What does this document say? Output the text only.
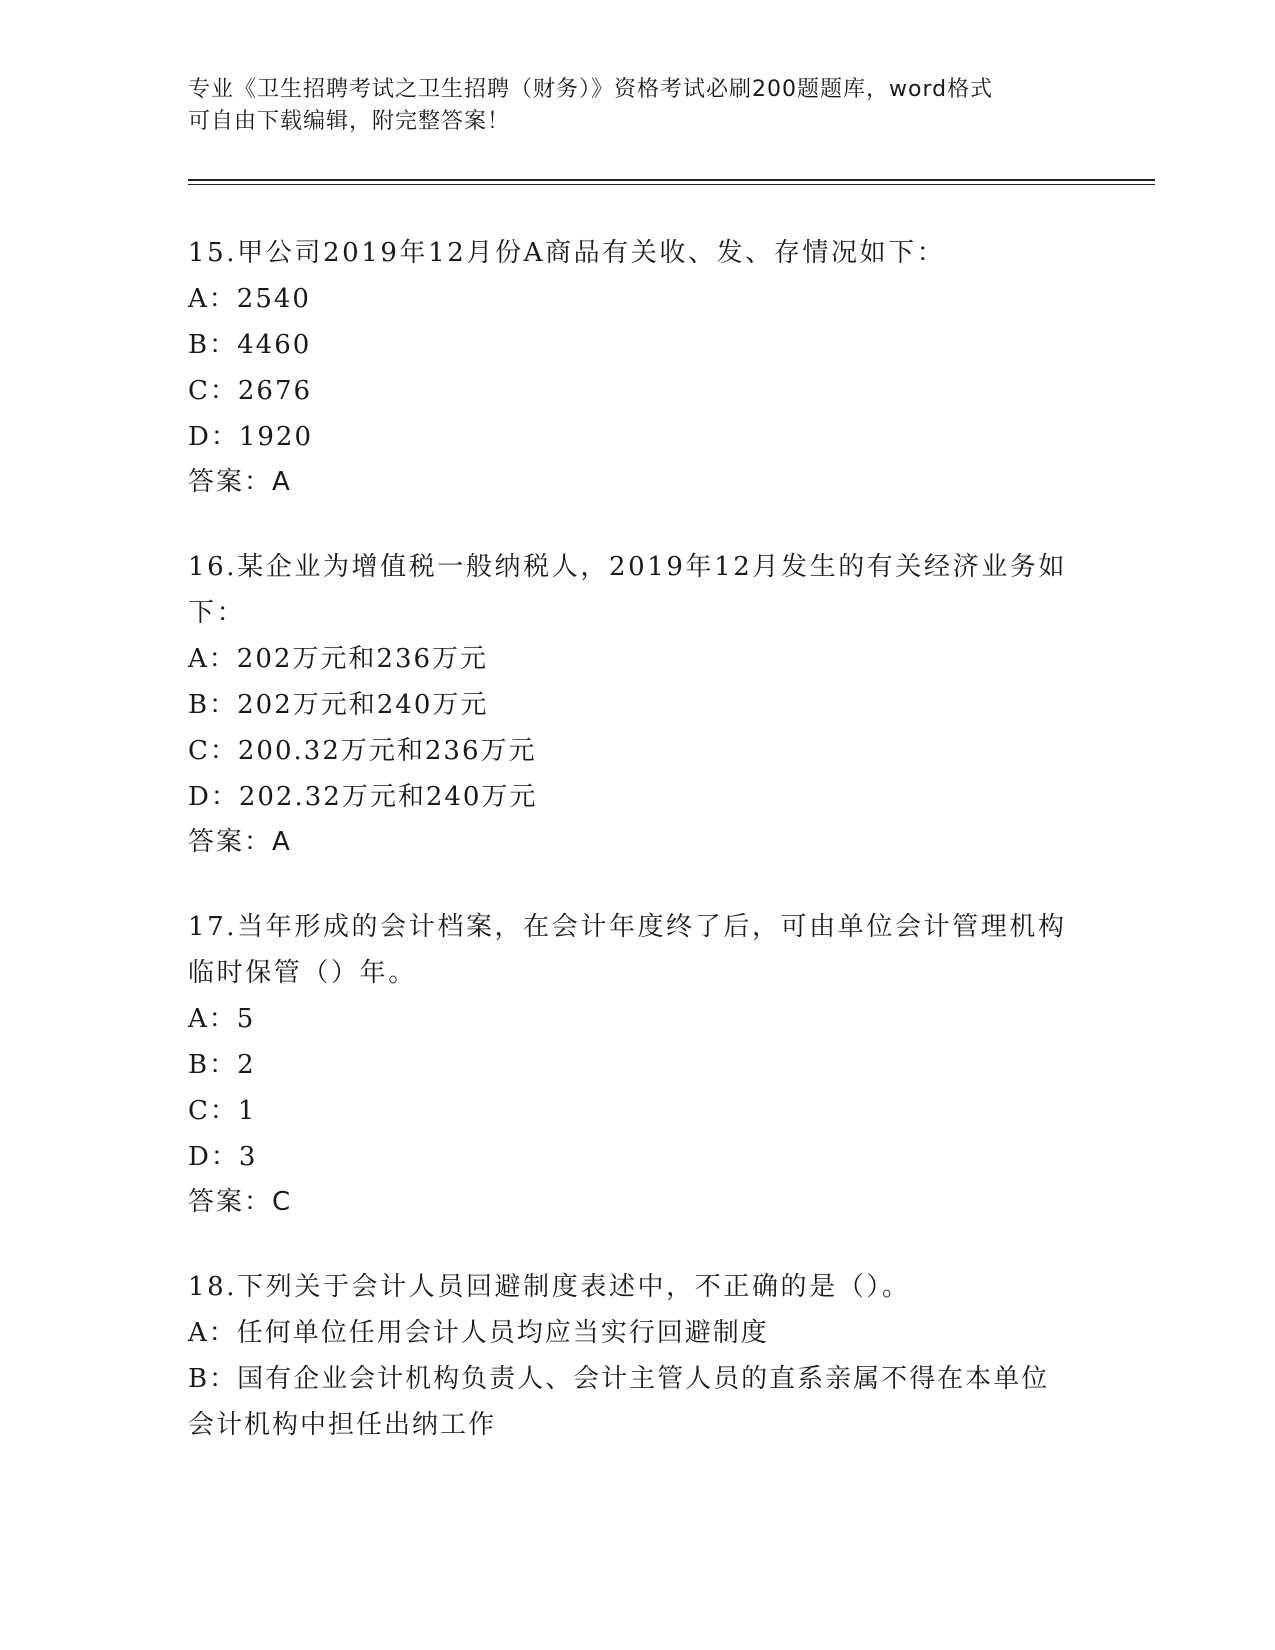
专业《卫生招聘考试之卫生招聘（财务）》资格考试必刷200题题库，word格式
可自由下载编辑，附完整答案！
15.甲公司2019年12月份A商品有关收、发、存情况如下：
A：2540
B：4460
C：2676
D：1920
答案：A
16.某企业为增值税一般纳税人，2019年12月发生的有关经济业务如
下：
A：202万元和236万元
B：202万元和240万元
C：200.32万元和236万元
D：202.32万元和240万元
答案：A
17.当年形成的会计档案，在会计年度终了后，可由单位会计管理机构
临时保管（）年。
A：5
B：2
C：1
D：3
答案：C
18.下列关于会计人员回避制度表述中，不正确的是（）。
A：任何单位任用会计人员均应当实行回避制度
B：国有企业会计机构负责人、会计主管人员的直系亲属不得在本单位
会计机构中担任出纳工作
